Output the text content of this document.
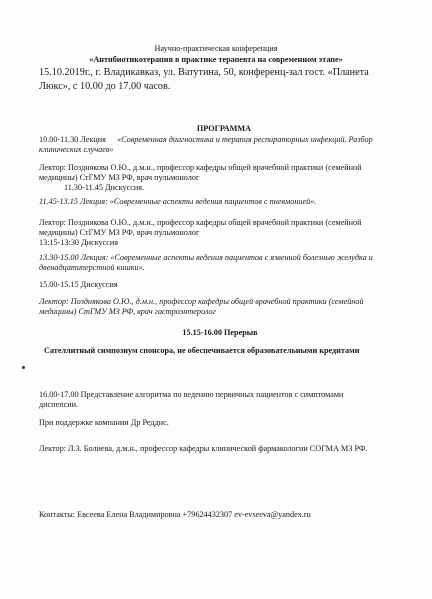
Научно-практическая конференция
«Антибиотикотерапия в практике терапевта на современном этапе»
15.10.2019г., г. Владикавказ, ул. Ватутина, 50, конференц-зал гост. «Планета
Люкс», с 10.00 до 17.00 часов.
ПРОГРАММА
10.00-11.30 Лекция	«Современная диагностика и терапия респираторных инфекций. Разбор
клинических случаев»
Лектор: Позднякова О.Ю., д.м.н., профессор кафедры общей врачебной практики (семейной
медицины) СтГМУ МЗ РФ, врач пульмонолог
11.30-11.45 Дискуссия.
11.45-13.15 Лекция: «Современные аспекты ведения пациентов с пневмонией».
Лектор: Позднякова О.Ю., д.м.н., профессор кафедры общей врачебной практики (семейной
медицины) СтГМУ МЗ РФ, врач пульмонолог
13:15-13:30 Дискуссия
13.30-15.00 Лекция: «Современные аспекты ведения пациентов с язвенной болезнью желудка и
двенадцатиперстной кишки».
15.00-15.15 Дискуссия
Лектор: Позднякова О.Ю., д.м.н., профессор кафедры общей врачебной практики (семейной
медицины) СтГМУ МЗ РФ, врач гастроэнтеролог
15.15-16.00 Перерыв
Сателлитный симпозиум спонсора, не обеспечивается образовательными кредитами
16.00-17.00 Представление алгоритма по ведению первичных пациентов с симптомами
диспепсии.
При поддержке компании Др Реддис.
Лектор: Л.З. Болиева, д.м.н., профессор кафедры клинической фармакологии СОГМА МЗ РФ.
Контакты: Евсеева Елена Владимировна +79624432307 ev-evseeva@yandex.ru
